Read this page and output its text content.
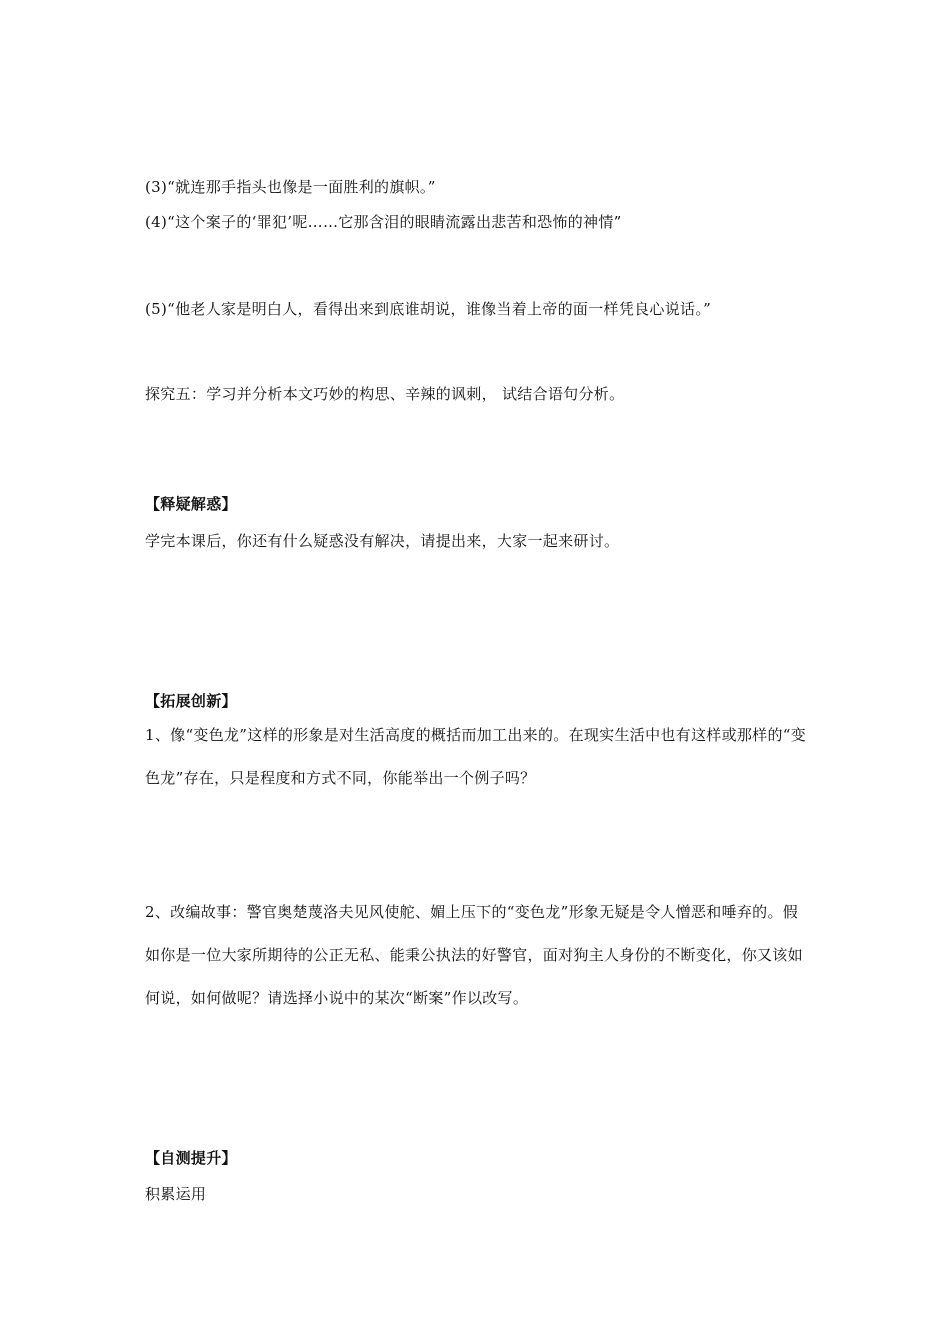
(3)“就连那手指头也像是一面胜利的旗帜。”
(4)“这个案子的‘罪犯’呢……它那含泪的眼睛流露出悲苦和恐怖的神情”
(5)“他老人家是明白人，看得出来到底谁胡说，谁像当着上帝的面一样凭良心说话。”
探究五：学习并分析本文巧妙的构思、辛辣的讽刺， 试结合语句分析。
【释疑解惑】
学完本课后，你还有什么疑惑没有解决，请提出来，大家一起来研讨。
【拓展创新】
1、像“变色龙”这样的形象是对生活高度的概括而加工出来的。在现实生活中也有这样或那样的“变色龙”存在，只是程度和方式不同，你能举出一个例子吗？
2、改编故事：警官奥楚蔑洛夫见风使舵、媚上压下的“变色龙”形象无疑是令人憎恶和唾弃的。假如你是一位大家所期待的公正无私、能秉公执法的好警官，面对狗主人身份的不断变化，你又该如何说，如何做呢？请选择小说中的某次“断案”作以改写。
【自测提升】
积累运用
